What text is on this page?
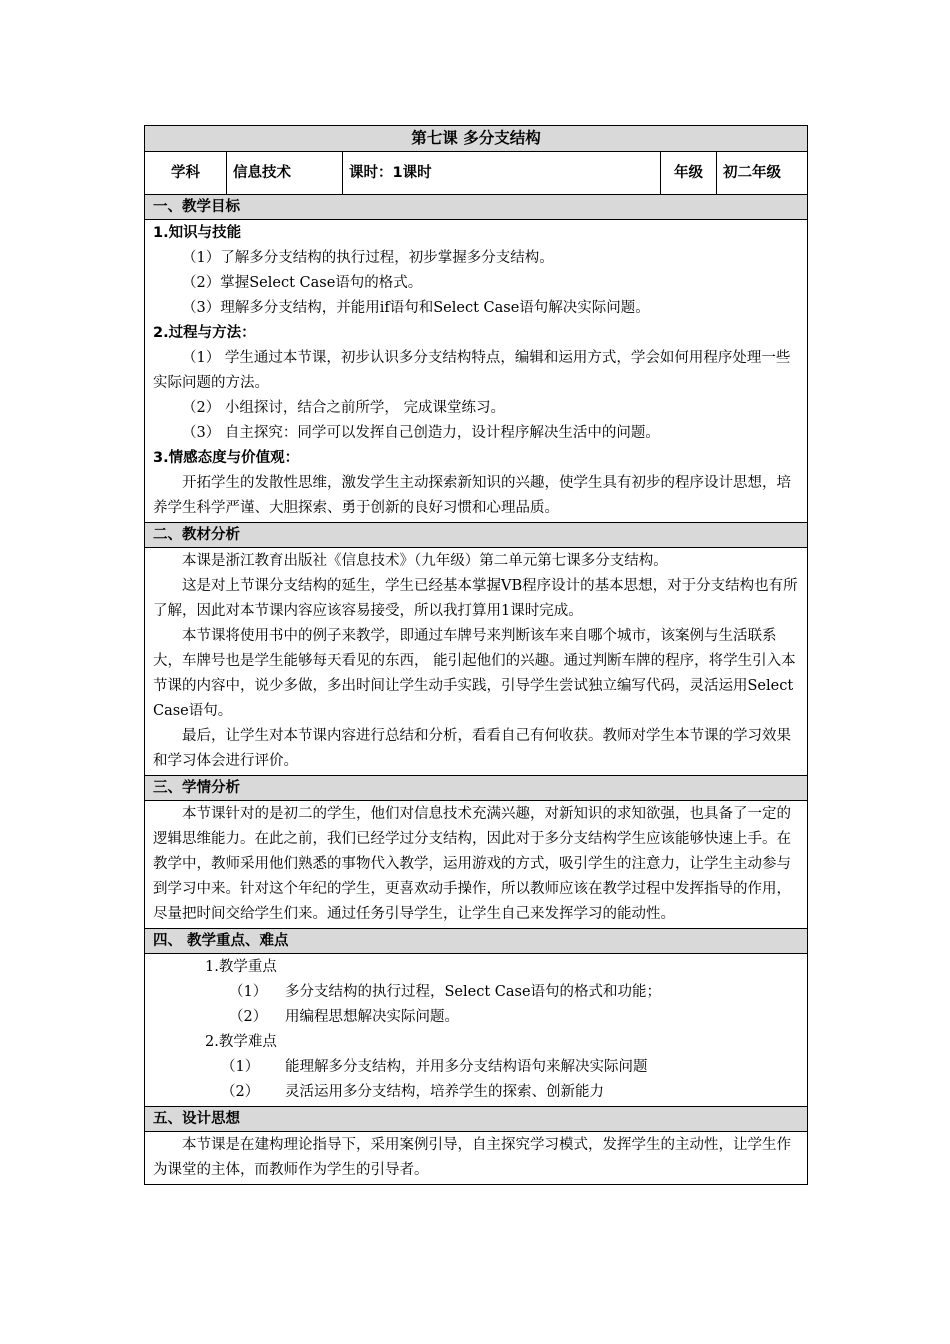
第七课 多分支结构
学科	信息技术	课时：1课时	年级	初二年级
一、教学目标

1.知识与技能
（1）了解多分支结构的执行过程，初步掌握多分支结构。
（2）掌握Select Case语句的格式。
（3）理解多分支结构，并能用if语句和Select Case语句解决实际问题。
2.过程与方法：
（1） 学生通过本节课，初步认识多分支结构特点，编辑和运用方式，学会如何用程序处理一些实际问题的方法。
（2） 小组探讨，结合之前所学， 完成课堂练习。
（3） 自主探究：同学可以发挥自己创造力，设计程序解决生活中的问题。
3.情感态度与价值观：
开拓学生的发散性思维，激发学生主动探索新知识的兴趣，使学生具有初步的程序设计思想，培养学生科学严谨、大胆探索、勇于创新的良好习惯和心理品质。

二、教材分析

本课是浙江教育出版社《信息技术》（九年级）第二单元第七课多分支结构。
这是对上节课分支结构的延生，学生已经基本掌握VB程序设计的基本思想，对于分支结构也有所了解，因此对本节课内容应该容易接受，所以我打算用1课时完成。
本节课将使用书中的例子来教学，即通过车牌号来判断该车来自哪个城市，该案例与生活联系大，车牌号也是学生能够每天看见的东西， 能引起他们的兴趣。通过判断车牌的程序，将学生引入本节课的内容中，说少多做，多出时间让学生动手实践，引导学生尝试独立编写代码，灵活运用Select Case语句。
最后，让学生对本节课内容进行总结和分析，看看自己有何收获。教师对学生本节课的学习效果和学习体会进行评价。

三、学情分析

本节课针对的是初二的学生，他们对信息技术充满兴趣，对新知识的求知欲强，也具备了一定的逻辑思维能力。在此之前，我们已经学过分支结构，因此对于多分支结构学生应该能够快速上手。在教学中，教师采用他们熟悉的事物代入教学，运用游戏的方式，吸引学生的注意力，让学生主动参与到学习中来。针对这个年纪的学生，更喜欢动手操作，所以教师应该在教学过程中发挥指导的作用，尽量把时间交给学生们来。通过任务引导学生，让学生自己来发挥学习的能动性。

四、 教学重点、难点

1.教学重点
（1） 多分支结构的执行过程，Select Case语句的格式和功能；
（2） 用编程思想解决实际问题。
2.教学难点
（1） 能理解多分支结构，并用多分支结构语句来解决实际问题
（2） 灵活运用多分支结构，培养学生的探索、创新能力

五、设计思想

本节课是在建构理论指导下，采用案例引导，自主探究学习模式，发挥学生的主动性，让学生作为课堂的主体，而教师作为学生的引导者。
